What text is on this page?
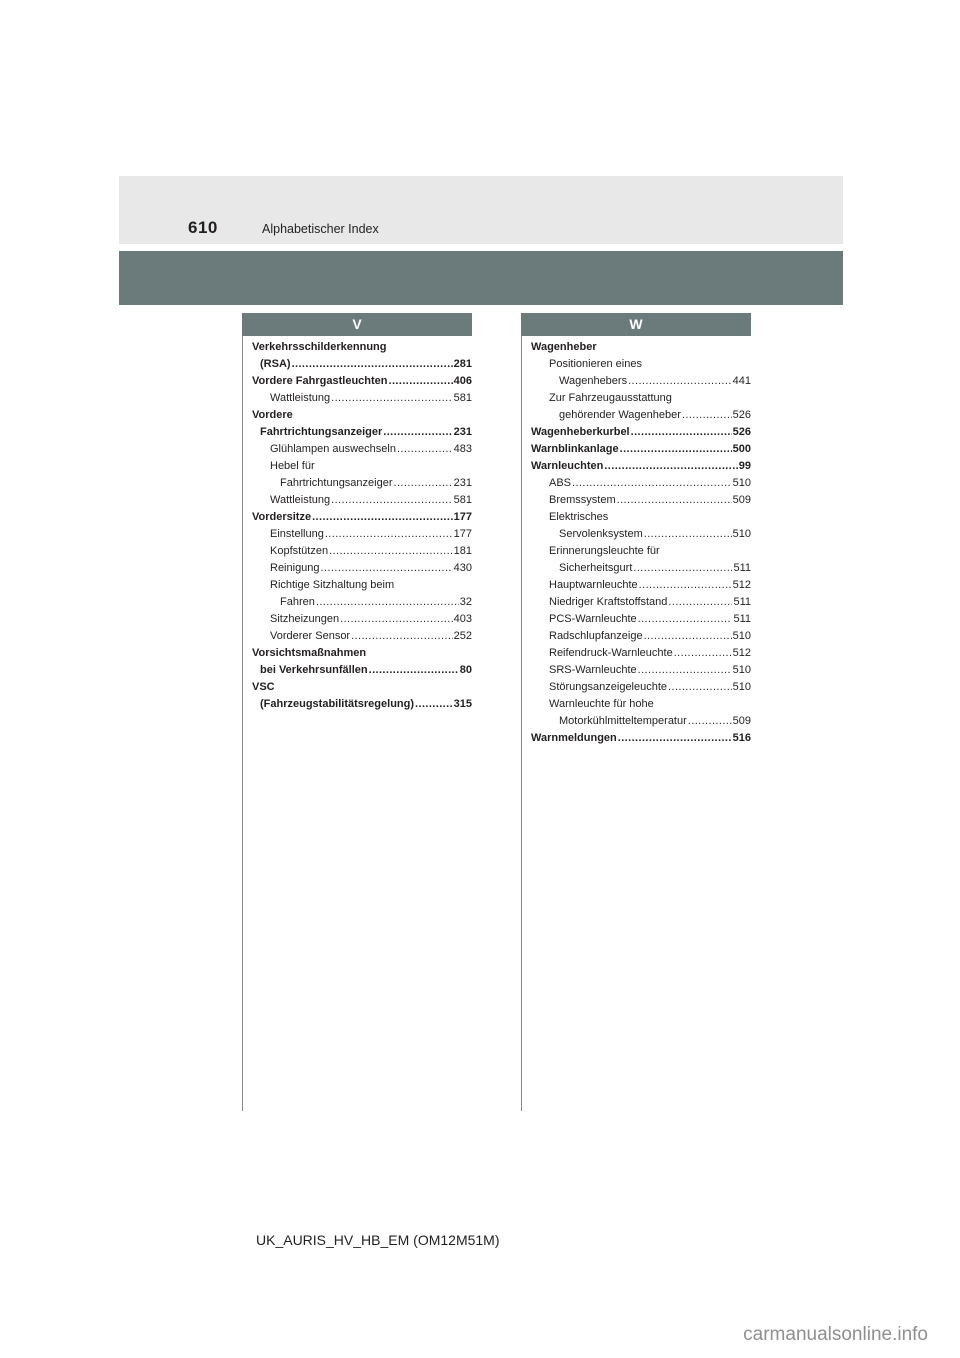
610	Alphabetischer Index
V	W
Verkehrsschilderkennung
(RSA) .....	281
Vordere Fahrgastleuchten .....	406
Wattleistung .....	581
Vordere
Fahrtrichtungsanzeiger .....	231
Glühlampen auswechseln .....	483
Hebel für
Fahrtrichtungsanzeiger .....	231
Wattleistung .....	581
Vordersitze .....	177
Einstellung .....	177
Kopfstützen .....	181
Reinigung .....	430
Richtige Sitzhaltung beim
Fahren .....	32
Sitzheizungen .....	403
Vorderer Sensor .....	252
Vorsichtsmaßnahmen
bei Verkehrsunfällen .....	80
VSC
(Fahrzeugstabilitätsregelung) .....	315
Wagenheber
Positionieren eines
Wagenhebers .....	441
Zur Fahrzeugausstattung
gehörender Wagenheber .....	526
Wagenheberkurbel .....	526
Warnblinkanlage .....	500
Warnleuchten .....	99
ABS .....	510
Bremssystem .....	509
Elektrisches
Servolenksystem .....	510
Erinnerungsleuchte für
Sicherheitsgurt .....	511
Hauptwarnleuchte .....	512
Niedriger Kraftstoffstand .....	511
PCS-Warnleuchte .....	511
Radschlupfanzeige .....	510
Reifendruck-Warnleuchte .....	512
SRS-Warnleuchte .....	510
Störungsanzeigeleuchte .....	510
Warnleuchte für hohe
Motorkühlmitteltemperatur .....	509
Warnmeldungen .....	516
UK_AURIS_HV_HB_EM (OM12M51M)
carmanualsonline.info
